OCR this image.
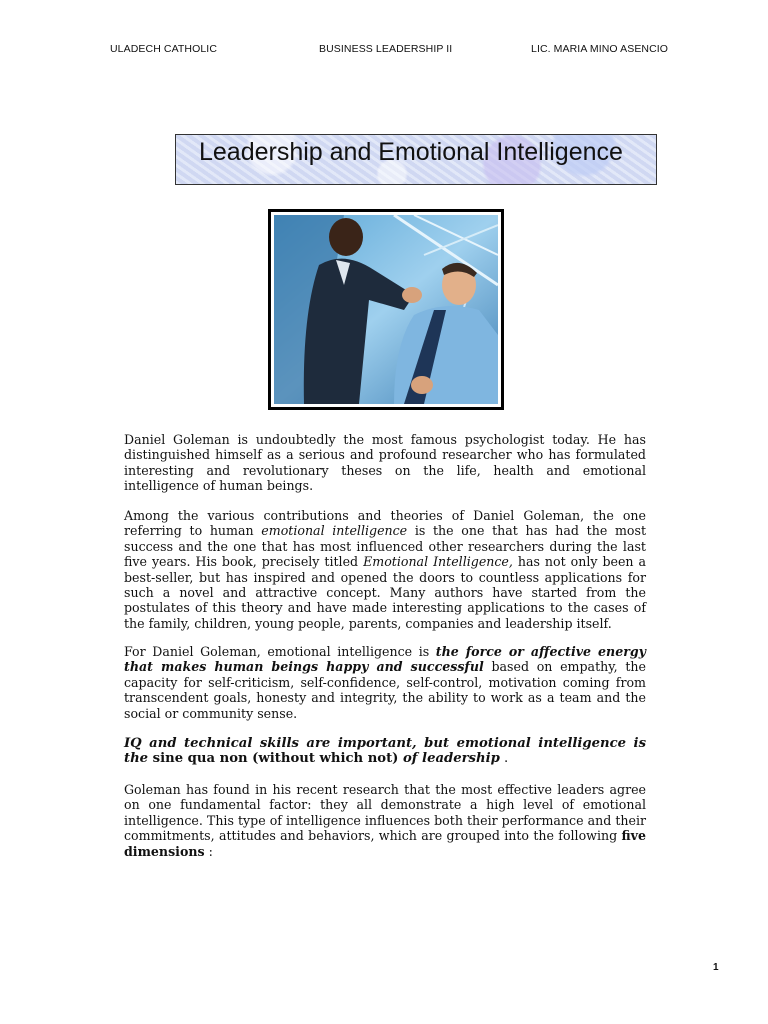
ULADECH CATHOLIC	BUSINESS LEADERSHIP II	LIC. MARIA MINO ASENCIO
Leadership and Emotional Intelligence

Daniel Goleman is undoubtedly the most famous psychologist today. He has distinguished himself as a serious and profound researcher who has formulated interesting and revolutionary theses on the life, health and emotional intelligence of human beings.

Among the various contributions and theories of Daniel Goleman, the one referring to human emotional intelligence is the one that has had the most success and the one that has most influenced other researchers during the last five years. His book, precisely titled Emotional Intelligence, has not only been a best-seller, but has inspired and opened the doors to countless applications for such a novel and attractive concept. Many authors have started from the postulates of this theory and have made interesting applications to the cases of the family, children, young people, parents, companies and leadership itself.

For Daniel Goleman, emotional intelligence is the force or affective energy that makes human beings happy and successful based on empathy, the capacity for self-criticism, self-confidence, self-control, motivation coming from transcendent goals, honesty and integrity, the ability to work as a team and the social or community sense.

IQ and technical skills are important, but emotional intelligence is the sine qua non (without which not) of leadership .

Goleman has found in his recent research that the most effective leaders agree on one fundamental factor: they all demonstrate a high level of emotional intelligence. This type of intelligence influences both their performance and their commitments, attitudes and behaviors, which are grouped into the following five dimensions :

1
